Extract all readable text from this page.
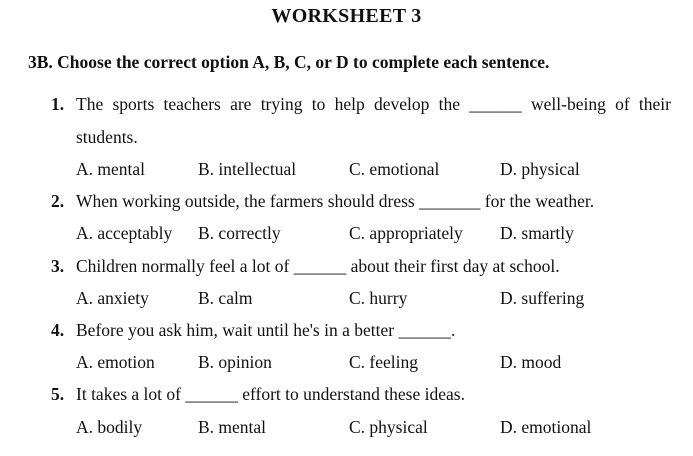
WORKSHEET 3
3B. Choose the correct option A, B, C, or D to complete each sentence.
1. The sports teachers are trying to help develop the ______ well-being of their
students.
A. mental	B. intellectual	C. emotional	D. physical
2. When working outside, the farmers should dress _______ for the weather.
A. acceptably B. correctly	C. appropriately D. smartly
3. Children normally feel a lot of ______ about their first day at school.
A. anxiety	B. calm	C. hurry	D. suffering
4. Before you ask him, wait until he's in a better ______.
A. emotion B. opinion	C. feeling	D. mood
5. It takes a lot of ______ effort to understand these ideas.
A. bodily	B. mental	C. physical	D. emotional
